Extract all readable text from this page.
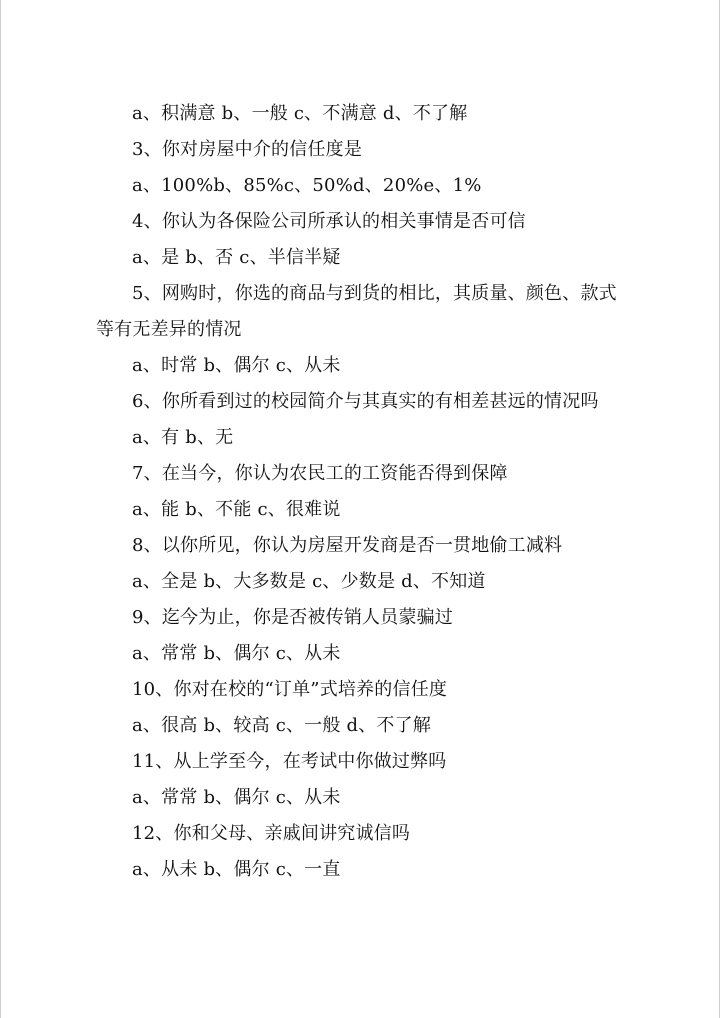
a、积满意 b、一般 c、不满意 d、不了解
3、你对房屋中介的信任度是
a、100%b、85%c、50%d、20%e、1%
4、你认为各保险公司所承认的相关事情是否可信
a、是 b、否 c、半信半疑
5、网购时，你选的商品与到货的相比，其质量、颜色、款式
等有无差异的情况
a、时常 b、偶尔 c、从未
6、你所看到过的校园简介与其真实的有相差甚远的情况吗
a、有 b、无
7、在当今，你认为农民工的工资能否得到保障
a、能 b、不能 c、很难说
8、以你所见，你认为房屋开发商是否一贯地偷工减料
a、全是 b、大多数是 c、少数是 d、不知道
9、迄今为止，你是否被传销人员蒙骗过
a、常常 b、偶尔 c、从未
10、你对在校的“订单”式培养的信任度
a、很高 b、较高 c、一般 d、不了解
11、从上学至今，在考试中你做过弊吗
a、常常 b、偶尔 c、从未
12、你和父母、亲戚间讲究诚信吗
a、从未 b、偶尔 c、一直
